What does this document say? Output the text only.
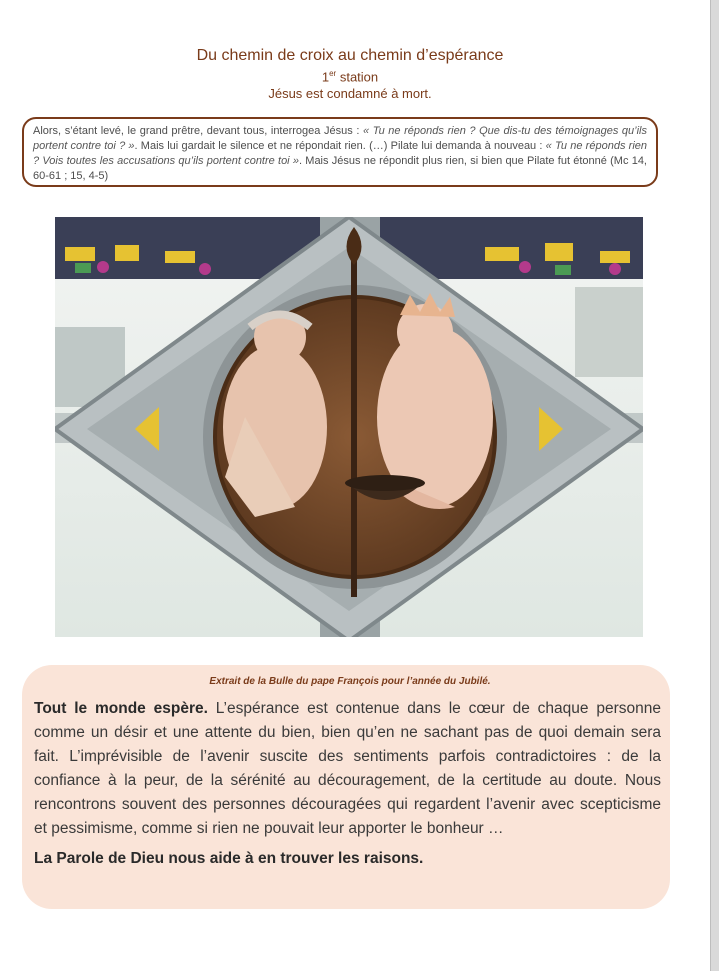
Du chemin de croix au chemin d’espérance
1er station
Jésus est condamné à mort.
Alors, s’étant levé, le grand prêtre, devant tous, interrogea Jésus : « Tu ne réponds rien ? Que dis-tu des témoignages qu’ils portent contre toi ? ». Mais lui gardait le silence et ne répondait rien. (…) Pilate lui demanda à nouveau : « Tu ne réponds rien ? Vois toutes les accusations qu’ils portent contre toi ». Mais Jésus ne répondit plus rien, si bien que Pilate fut étonné (Mc 14, 60-61 ; 15, 4-5)

Tout le monde espère. L’espérance est contenue dans le cœur de chaque personne comme un désir et une attente du bien, bien qu’en ne sachant pas de quoi demain sera fait. L’imprévisible de l’avenir suscite des sentiments parfois contradictoires : de la confiance à la peur, de la sérénité au découragement, de la certitude au doute. Nous rencontrons souvent des personnes découragées qui regardent l’avenir avec scepticisme et pessimisme, comme si rien ne pouvait leur apporter le bonheur …

La Parole de Dieu nous aide à en trouver les raisons.

Extrait de la Bulle du pape François pour l’année du Jubilé.
